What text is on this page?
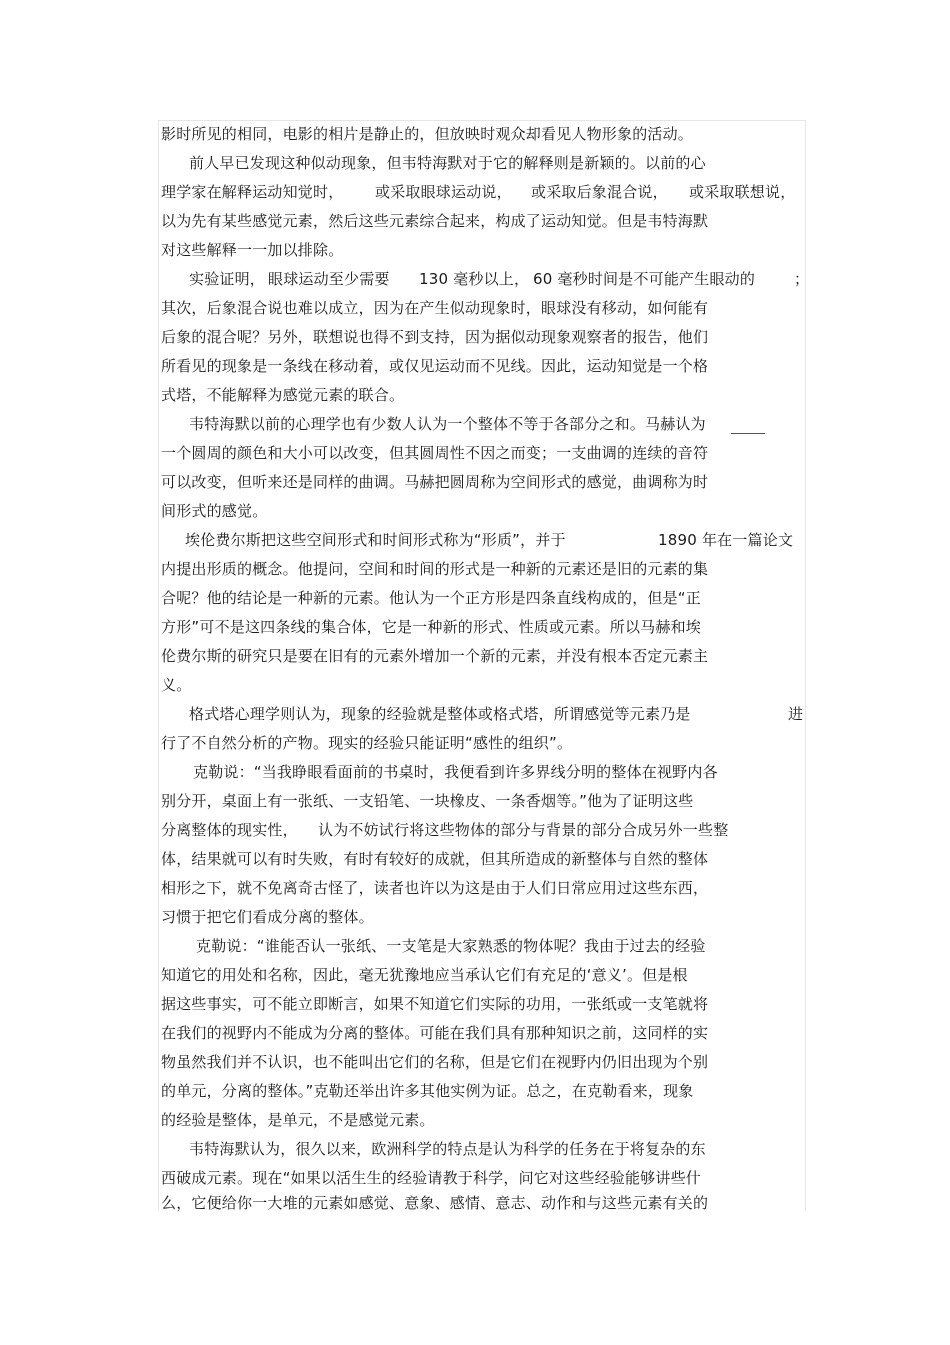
影时所见的相同，电影的相片是静止的，但放映时观众却看见人物形象的活动。
前人早已发现这种似动现象，但韦特海默对于它的解释则是新颖的。以前的心
理学家在解释运动知觉时， 或采取眼球运动说， 或采取后象混合说， 或采取联想说，
以为先有某些感觉元素，然后这些元素综合起来，构成了运动知觉。但是韦特海默
对这些解释一一加以排除。
实验证明， 眼球运动至少需要 130 毫秒以上， 60 毫秒时间是不可能产生眼动的	；
其次，后象混合说也难以成立，因为在产生似动现象时，眼球没有移动，如何能有
后象的混合呢？另外，联想说也得不到支持，因为据似动现象观察者的报告，他们
所看见的现象是一条线在移动着，或仅见运动而不见线。因此，运动知觉是一个格
式塔，不能解释为感觉元素的联合。
韦特海默以前的心理学也有少数人认为一个整体不等于各部分之和。马赫认为
一个圆周的颜色和大小可以改变，但其圆周性不因之而变；一支曲调的连续的音符
可以改变，但听来还是同样的曲调。马赫把圆周称为空间形式的感觉，曲调称为时
间形式的感觉。
埃伦费尔斯把这些空间形式和时间形式称为“形质”，并于	1890 年在一篇论文
内提出形质的概念。他提问，空间和时间的形式是一种新的元素还是旧的元素的集
合呢？他的结论是一种新的元素。他认为一个正方形是四条直线构成的，但是“正
方形”可不是这四条线的集合体，它是一种新的形式、性质或元素。所以马赫和埃
伦费尔斯的研究只是要在旧有的元素外增加一个新的元素，并没有根本否定元素主
义。
格式塔心理学则认为，现象的经验就是整体或格式塔，所谓感觉等元素乃是	进
行了不自然分析的产物。现实的经验只能证明“感性的组织”。
克勒说：“当我睁眼看面前的书桌时，我便看到许多界线分明的整体在视野内各
别分开，桌面上有一张纸、一支铅笔、一块橡皮、一条香烟等。”他为了证明这些
分离整体的现实性， 认为不妨试行将这些物体的部分与背景的部分合成另外一些整
体，结果就可以有时失败，有时有较好的成就，但其所造成的新整体与自然的整体
相形之下，就不免离奇古怪了，读者也许以为这是由于人们日常应用过这些东西，
习惯于把它们看成分离的整体。
克勒说：“谁能否认一张纸、一支笔是大家熟悉的物体呢？我由于过去的经验
知道它的用处和名称，因此，毫无犹豫地应当承认它们有充足的‘意义’。但是根
据这些事实，可不能立即断言，如果不知道它们实际的功用，一张纸或一支笔就将
在我们的视野内不能成为分离的整体。可能在我们具有那种知识之前，这同样的实
物虽然我们并不认识，也不能叫出它们的名称，但是它们在视野内仍旧出现为个别
的单元，分离的整体。”克勒还举出许多其他实例为证。总之，在克勒看来，现象
的经验是整体，是单元，不是感觉元素。
韦特海默认为，很久以来，欧洲科学的特点是认为科学的任务在于将复杂的东
西破成元素。现在“如果以活生生的经验请教于科学，问它对这些经验能够讲些什
么，它便给你一大堆的元素如感觉、意象、感情、意志、动作和与这些元素有关的
